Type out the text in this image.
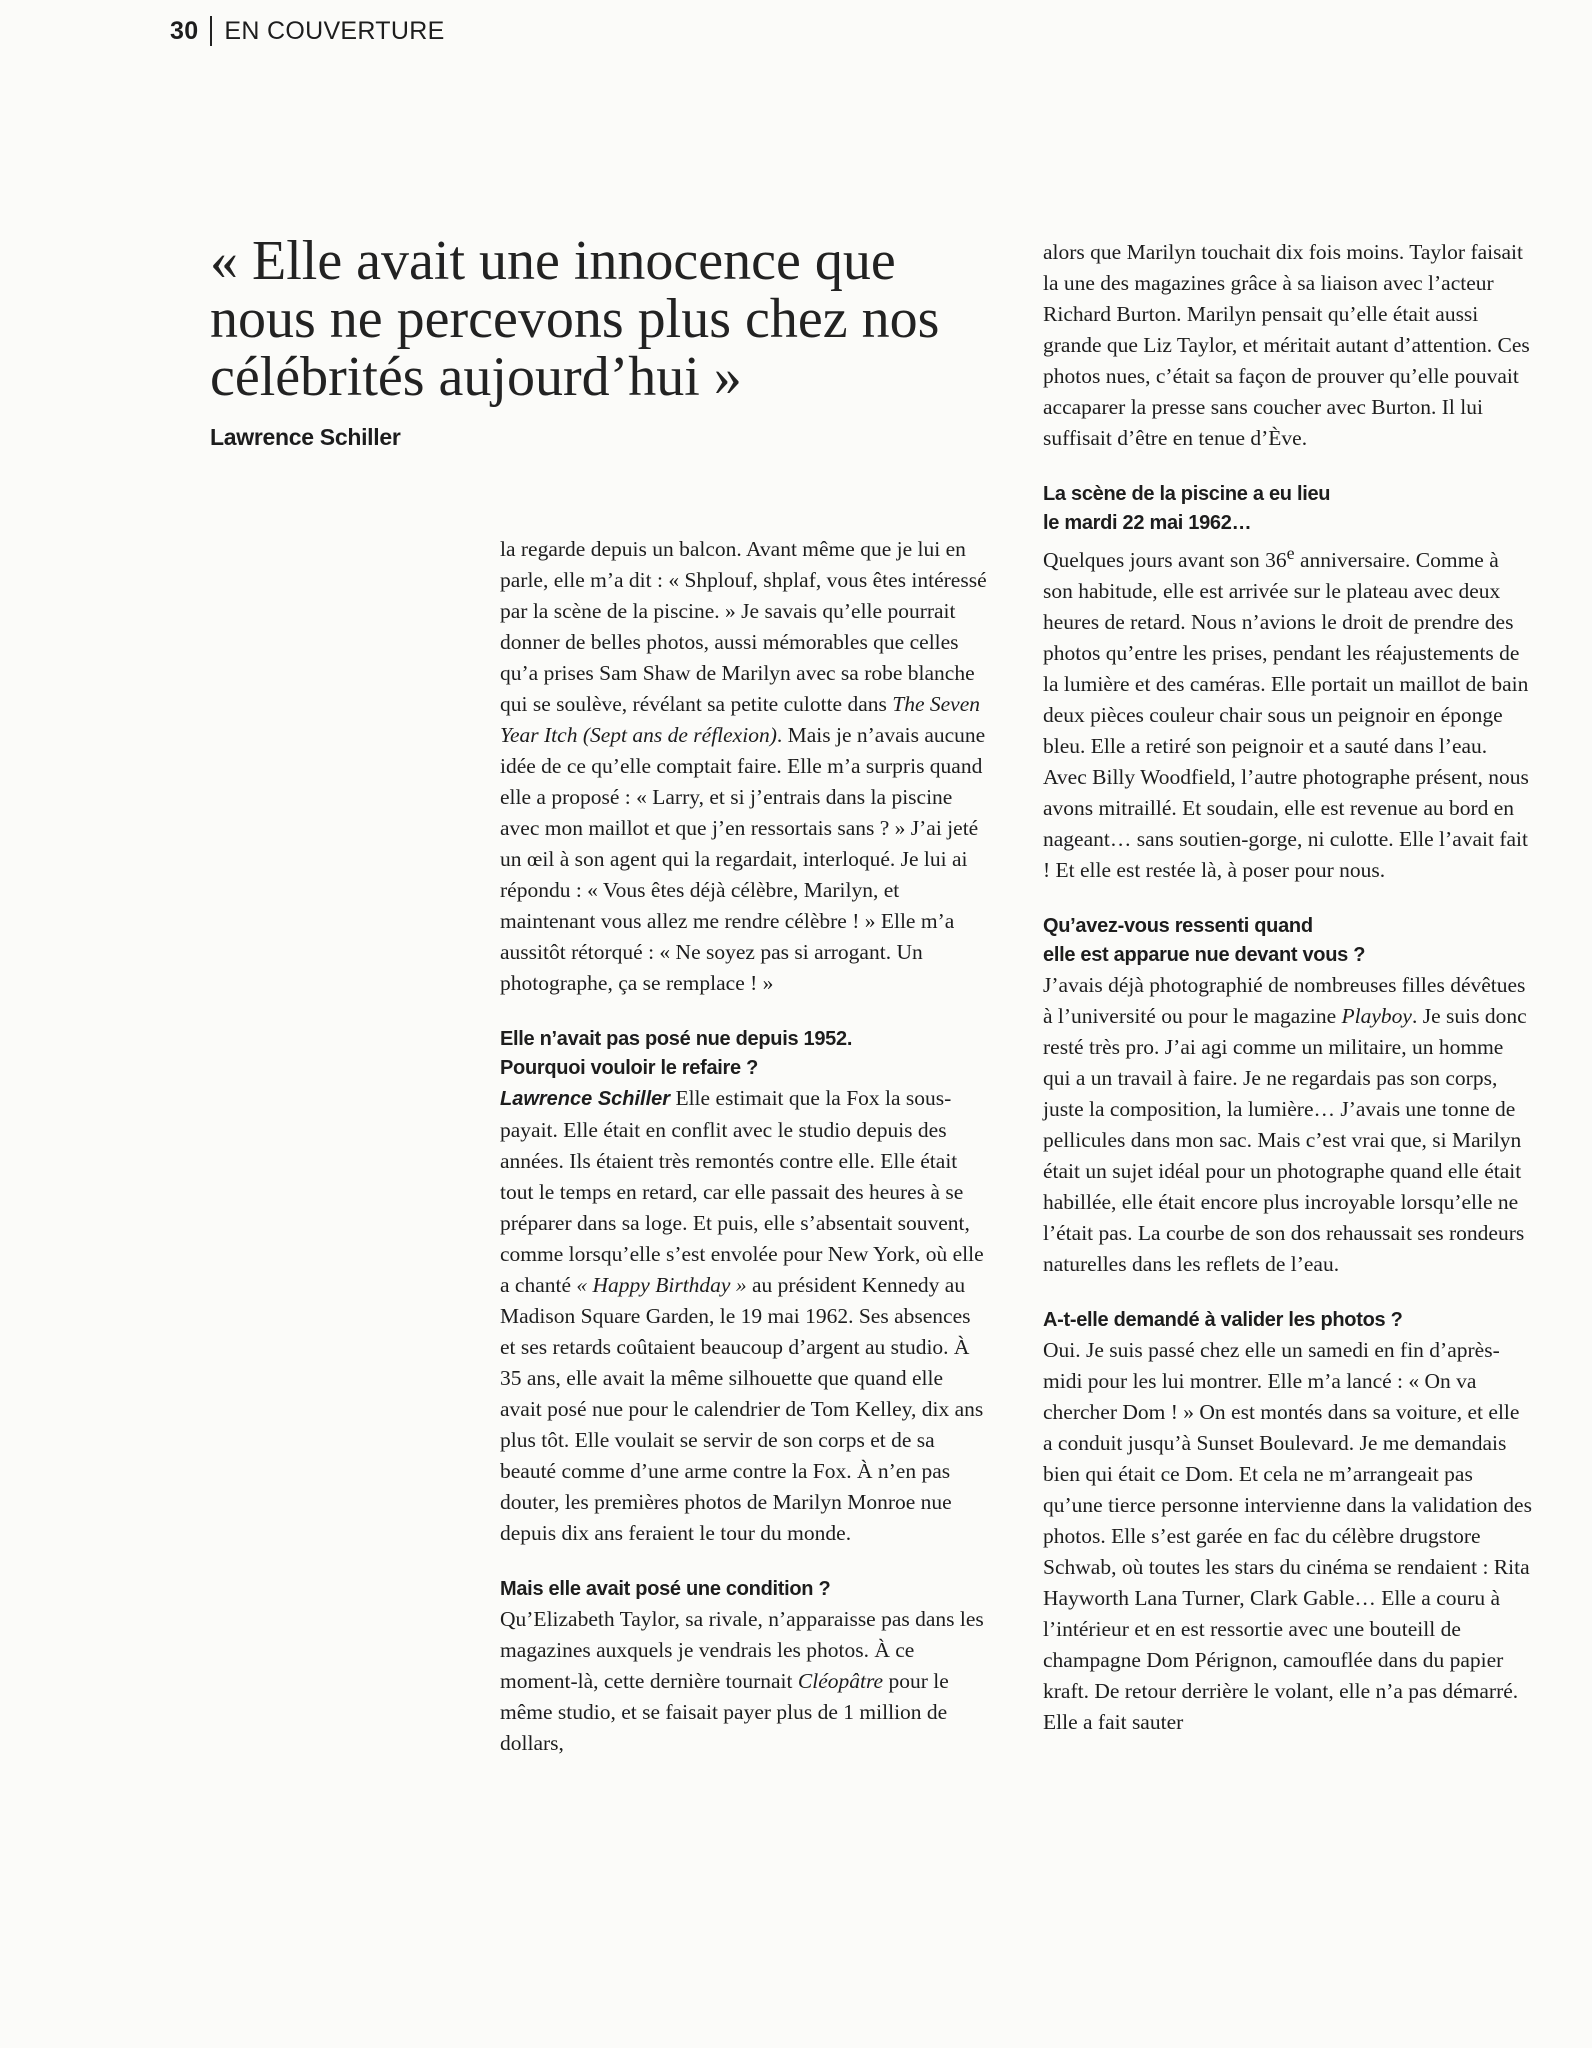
30 EN COUVERTURE
« Elle avait une innocence que nous ne percevons plus chez nos célébrités aujourd’hui »
Lawrence Schiller

la regarde depuis un balcon. Avant même que je lui en parle, elle m’a dit : « Shplouf, shplaf, vous êtes intéressé par la scène de la piscine. » Je savais qu’elle pourrait donner de belles photos, aussi mémorables que celles qu’a prises Sam Shaw de Marilyn avec sa robe blanche qui se soulève, révélant sa petite culotte dans The Seven Year Itch (Sept ans de réflexion). Mais je n’avais aucune idée de ce qu’elle comptait faire. Elle m’a surpris quand elle a proposé : « Larry, et si j’entrais dans la piscine avec mon maillot et que j’en ressortais sans ? » J’ai jeté un œil à son agent qui la regardait, interloqué. Je lui ai répondu : « Vous êtes déjà célèbre, Marilyn, et maintenant vous allez me rendre célèbre ! » Elle m’a aussitôt rétorqué : « Ne soyez pas si arrogant. Un photographe, ça se remplace ! »

Elle n’avait pas posé nue depuis 1952.
Pourquoi vouloir le refaire ?

Lawrence Schiller Elle estimait que la Fox la sous-payait. Elle était en conflit avec le studio depuis des années. Ils étaient très remontés contre elle. Elle était tout le temps en retard, car elle passait des heures à se préparer dans sa loge. Et puis, elle s’absentait souvent, comme lorsqu’elle s’est envolée pour New York, où elle a chanté « Happy Birthday » au président Kennedy au Madison Square Garden, le 19 mai 1962. Ses absences et ses retards coûtaient beaucoup d’argent au studio. À 35 ans, elle avait la même silhouette que quand elle avait posé nue pour le calendrier de Tom Kelley, dix ans plus tôt. Elle voulait se servir de son corps et de sa beauté comme d’une arme contre la Fox. À n’en pas douter, les premières photos de Marilyn Monroe nue depuis dix ans feraient le tour du monde.

Mais elle avait posé une condition ?

Qu’Elizabeth Taylor, sa rivale, n’apparaisse pas dans les magazines auxquels je vendrais les photos. À ce moment-là, cette dernière tournait Cléopâtre pour le même studio, et se faisait payer plus de 1 million de dollars,

alors que Marilyn touchait dix fois moins. Taylor faisait la une des magazines grâce à sa liaison avec l’acteur Richard Burton. Marilyn pensait qu’elle était aussi grande que Liz Taylor, et méritait autant d’attention. Ces photos nues, c’était sa façon de prouver qu’elle pouvait accaparer la presse sans coucher avec Burton. Il lui suffisait d’être en tenue d’Ève.

La scène de la piscine a eu lieu
le mardi 22 mai 1962…

Quelques jours avant son 36e anniversaire. Comme à son habitude, elle est arrivée sur le plateau avec deux heures de retard. Nous n’avions le droit de prendre des photos qu’entre les prises, pendant les réajustements de la lumière et des caméras. Elle portait un maillot de bain deux pièces couleur chair sous un peignoir en éponge bleu. Elle a retiré son peignoir et a sauté dans l’eau. Avec Billy Woodfield, l’autre photographe présent, nous avons mitraillé. Et soudain, elle est revenue au bord en nageant… sans soutien-gorge, ni culotte. Elle l’avait fait ! Et elle est restée là, à poser pour nous.

Qu’avez-vous ressenti quand
elle est apparue nue devant vous ?

J’avais déjà photographié de nombreuses filles dévêtues à l’université ou pour le magazine Playboy. Je suis donc resté très pro. J’ai agi comme un militaire, un homme qui a un travail à faire. Je ne regardais pas son corps, juste la composition, la lumière… J’avais une tonne de pellicules dans mon sac. Mais c’est vrai que, si Marilyn était un sujet idéal pour un photographe quand elle était habillée, elle était encore plus incroyable lorsqu’elle ne l’était pas. La courbe de son dos rehaussait ses rondeurs naturelles dans les reflets de l’eau.

A-t-elle demandé à valider les photos ?

Oui. Je suis passé chez elle un samedi en fin d’après-midi pour les lui montrer. Elle m’a lancé : « On va chercher Dom ! » On est montés dans sa voiture, et elle a conduit jusqu’à Sunset Boulevard. Je me demandais bien qui était ce Dom. Et cela ne m’arrangeait pas qu’une tierce personne intervienne dans la validation des photos. Elle s’est garée en fac du célèbre drugstore Schwab, où toutes les stars du cinéma se rendaient : Rita Hayworth Lana Turner, Clark Gable… Elle a couru à l’intérieur et en est ressortie avec une bouteill de champagne Dom Pérignon, camouflée dans du papier kraft. De retour derrière le volant, elle n’a pas démarré. Elle a fait sauter
